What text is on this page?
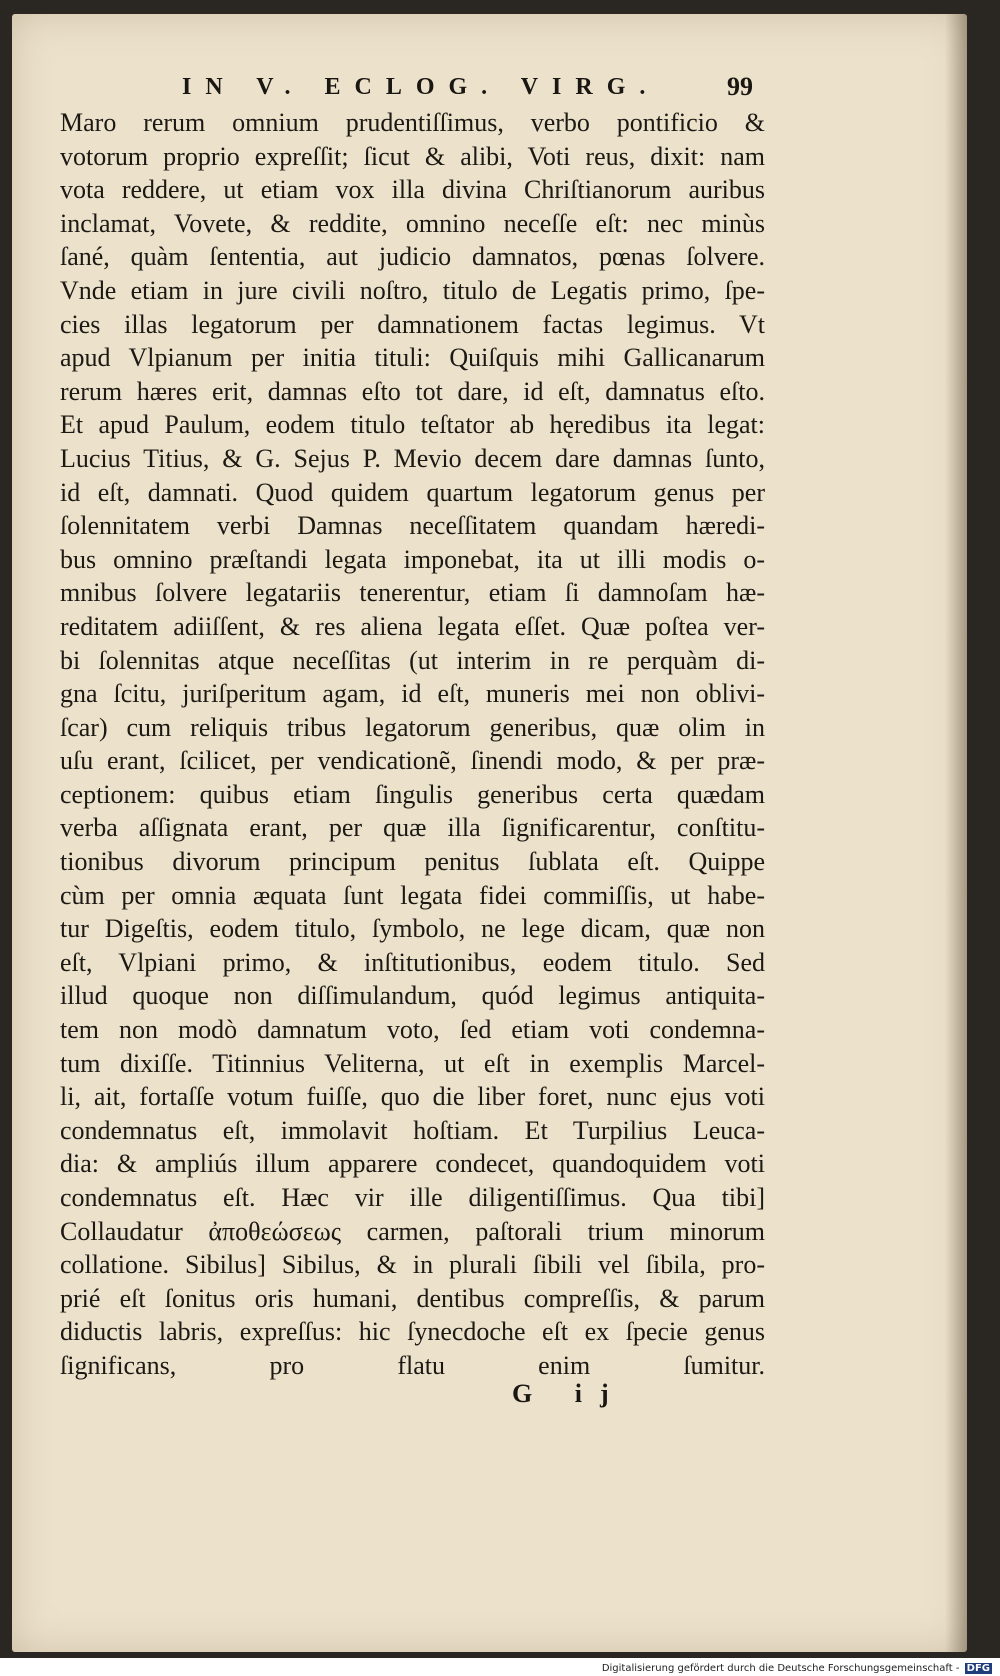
IN V. ECLOG. VIRG.	99
Maro rerum omnium prudentiſſimus, verbo pontificio &
votorum proprio expreſſit; ſicut & alibi, Voti reus, dixit: nam
vota reddere, ut etiam vox illa divina Chriſtianorum auribus
inclamat, Vovete, & reddite, omnino neceſſe eſt: nec minùs
ſané, quàm ſententia, aut judicio damnatos, pœnas ſolvere.
Vnde etiam in jure civili noſtro, titulo de Legatis primo, ſpe-
cies illas legatorum per damnationem factas legimus. Vt
apud Vlpianum per initia tituli: Quiſquis mihi Gallicanarum
rerum hæres erit, damnas eſto tot dare, id eſt, damnatus eſto.
Et apud Paulum, eodem titulo teſtator ab hęredibus ita legat:
Lucius Titius, & G. Sejus P. Mevio decem dare damnas ſunto,
id eſt, damnati. Quod quidem quartum legatorum genus per
ſolennitatem verbi Damnas neceſſitatem quandam hæredi-
bus omnino præſtandi legata imponebat, ita ut illi modis o-
mnibus ſolvere legatariis tenerentur, etiam ſi damnoſam hæ-
reditatem adiiſſent, & res aliena legata eſſet. Quæ poſtea ver-
bi ſolennitas atque neceſſitas (ut interim in re perquàm di-
gna ſcitu, juriſperitum agam, id eſt, muneris mei non oblivi-
ſcar) cum reliquis tribus legatorum generibus, quæ olim in
uſu erant, ſcilicet, per vendicationẽ, ſinendi modo, & per præ-
ceptionem: quibus etiam ſingulis generibus certa quædam
verba aſſignata erant, per quæ illa ſignificarentur, conſtitu-
tionibus divorum principum penitus ſublata eſt. Quippe
cùm per omnia æquata ſunt legata fidei commiſſis, ut habe-
tur Digeſtis, eodem titulo, ſymbolo, ne lege dicam, quæ non
eſt, Vlpiani primo, & inſtitutionibus, eodem titulo. Sed
illud quoque non diſſimulandum, quód legimus antiquita-
tem non modò damnatum voto, ſed etiam voti condemna-
tum dixiſſe. Titinnius Veliterna, ut eſt in exemplis Marcel-
li, ait, fortaſſe votum fuiſſe, quo die liber foret, nunc ejus voti
condemnatus eſt, immolavit hoſtiam. Et Turpilius Leuca-
dia: & ampliús illum apparere condecet, quandoquidem voti
condemnatus eſt. Hæc vir ille diligentiſſimus. Qua tibi]
Collaudatur ἀποθεώσεως carmen, paſtorali trium minorum
collatione. Sibilus] Sibilus, & in plurali ſibili vel ſibila, pro-
prié eſt ſonitus oris humani, dentibus compreſſis, & parum
diductis labris, expreſſus: hic ſynecdoche eſt ex ſpecie genus
ſignificans, pro flatu enim ſumitur.
G ij
Digitalisierung gefördert durch die Deutsche Forschungsgemeinschaft - DFG
